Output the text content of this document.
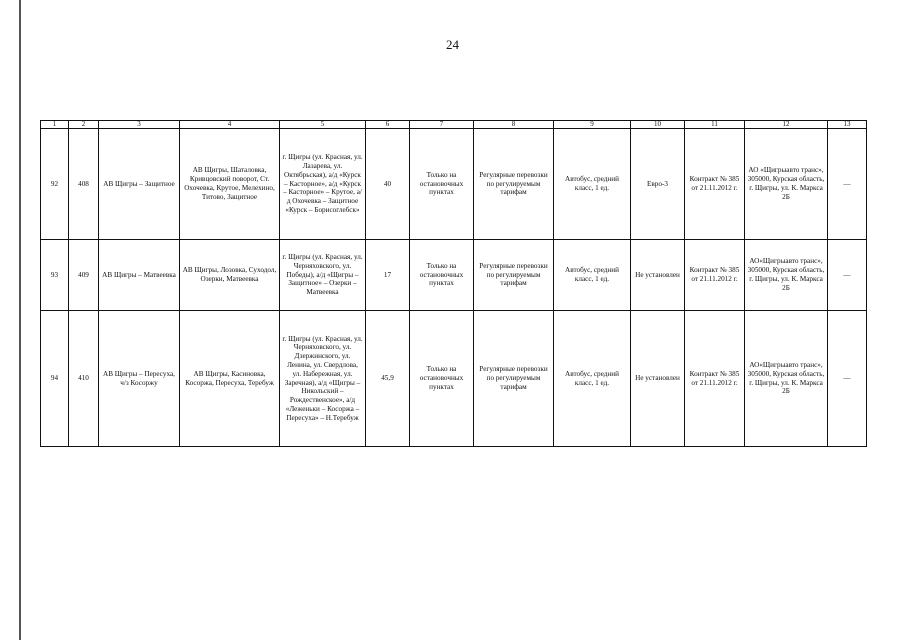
24
1	2	3	4	5	6	7	8	9	10	11	12	13
92	408	АВ Щигры – Защитное	АВ Щигры, Шаталовка, Кривцовский поворот, Ст. Охочевка, Крутое, Мелехино, Титово, Защитное	г. Щигры (ул. Красная, ул. Лазарева, ул. Октябрьская), а/д «Курск – Касторное», а/д «Курск – Касторное» – Крутое, а/д Охочевка – Защитное «Курск – Борисоглебск»	40	Только на остановочных пунктах	Регулярные перевозки по регулируемым тарифам	Автобус, средний класс, 1 ед.	Евро-3	Контракт № 385 от 21.11.2012 г.	АО «Щигрыавто транс», 305000, Курская область, г. Щигры, ул. К. Маркса 2Б	—
93	409	АВ Щигры – Матвеевка	АВ Щигры, Лозовка, Суходол, Озерки, Матвеевка	г. Щигры (ул. Красная, ул. Черняховского, ул. Победы), а/д «Щигры – Защитное» – Озерки – Матвеевка	17	Только на остановочных пунктах	Регулярные перевозки по регулируемым тарифам	Автобус, средний класс, 1 ед.	Не установлен	Контракт № 385 от 21.11.2012 г.	АО«Щигрыавто транс», 305000, Курская область, г. Щигры, ул. К. Маркса 2Б	—
94	410	АВ Щигры – Пересуха, ч/з Косоржу	АВ Щигры, Касиновка, Косоржа, Пересуха, Теребуж	г. Щигры (ул. Красная, ул. Черняховского, ул. Дзержинского, ул. Ленина, ул. Свердлова, ул. Набережная, ул. Заречная), а/д «Щигры – Никольский – Рождественское», а/д «Леженьки – Косоржа – Пересуха» – Н.Теребуж	45,9	Только на остановочных пунктах	Регулярные перевозки по регулируемым тарифам	Автобус, средний класс, 1 ед.	Не установлен	Контракт № 385 от 21.11.2012 г.	АО«Щигрыавто транс», 305000, Курская область, г. Щигры, ул. К. Маркса 2Б	—
